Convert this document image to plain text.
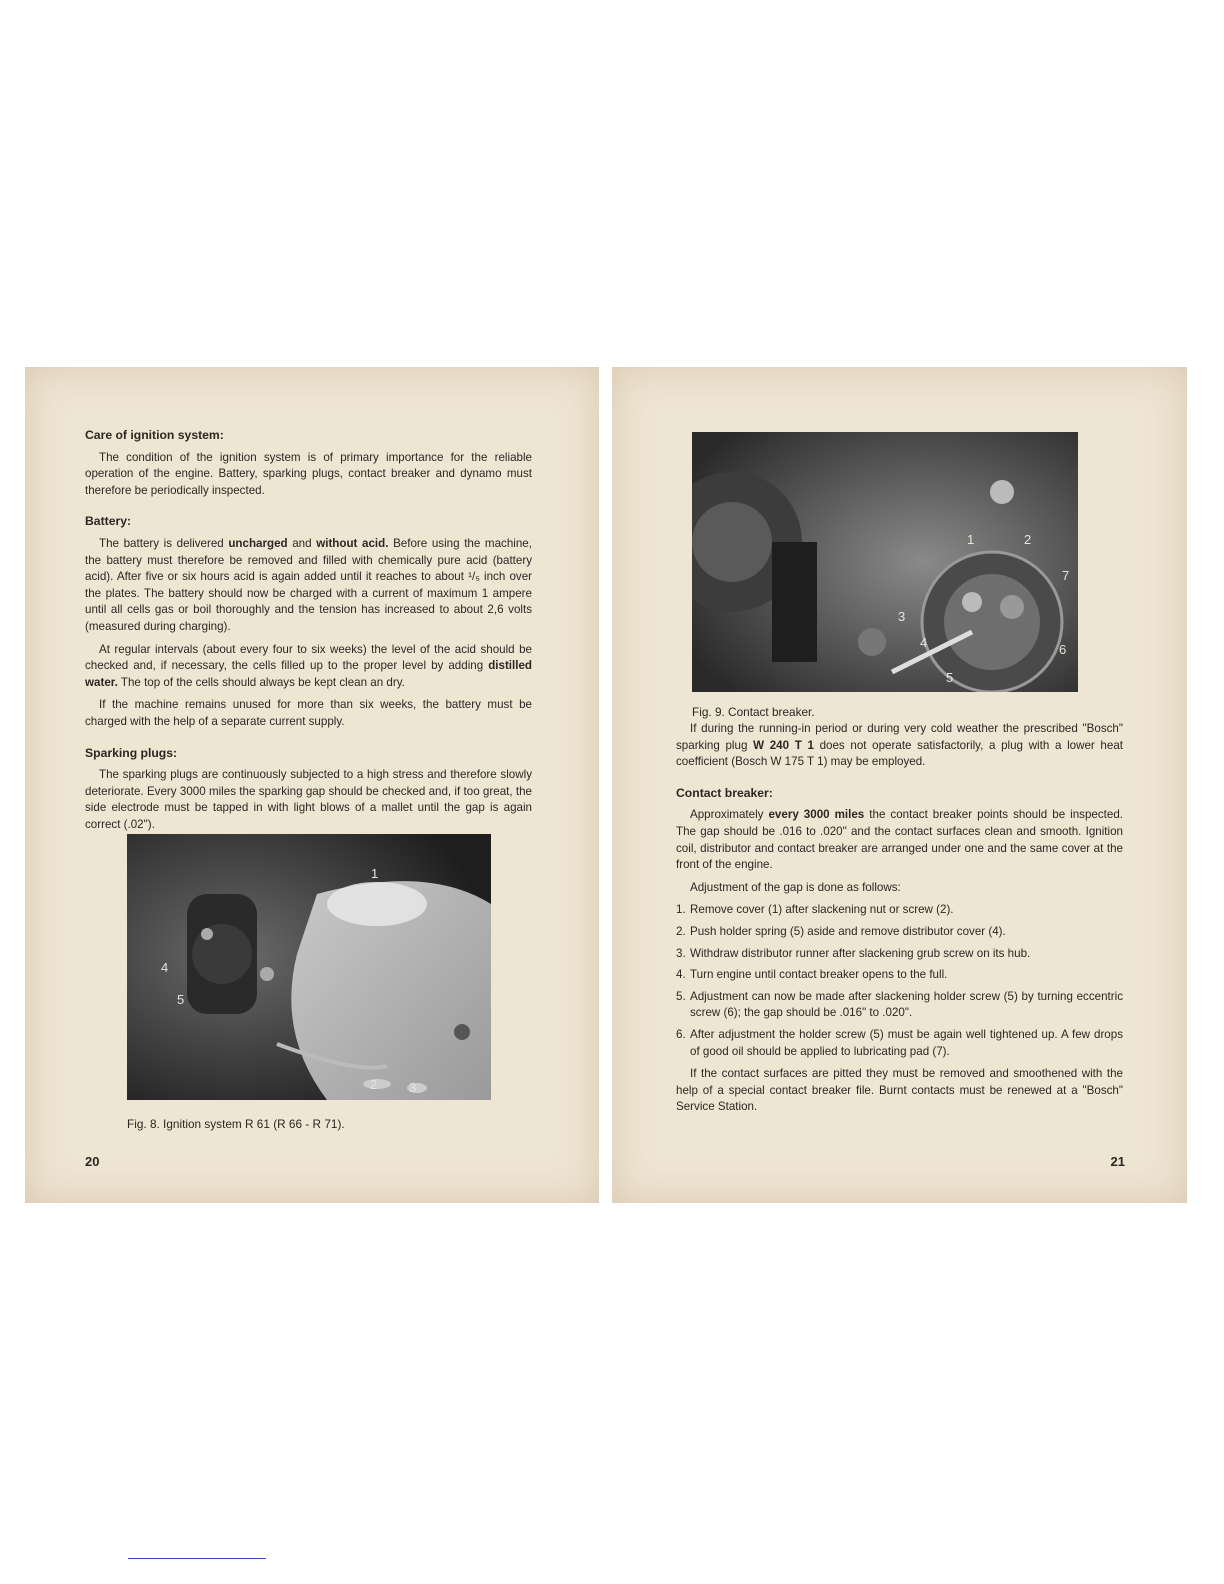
Care of ignition system:

The condition of the ignition system is of primary importance for the reliable operation of the engine. Battery, sparking plugs, contact breaker and dynamo must therefore be periodically inspected.

Battery:

The battery is delivered uncharged and without acid. Before using the machine, the battery must therefore be removed and filled with chemically pure acid (battery acid). After five or six hours acid is again added until it reaches to about ¹/₅ inch over the plates. The battery should now be charged with a current of maximum 1 ampere until all cells gas or boil thoroughly and the tension has increased to about 2,6 volts (measured during charging).

At regular intervals (about every four to six weeks) the level of the acid should be checked and, if necessary, the cells filled up to the proper level by adding distilled water. The top of the cells should always be kept clean an dry.

If the machine remains unused for more than six weeks, the battery must be charged with the help of a separate current supply.

Sparking plugs:

The sparking plugs are continuously subjected to a high stress and therefore slowly deteriorate. Every 3000 miles the sparking gap should be checked and, if too great, the side electrode must be tapped in with light blows of a mallet until the gap is again correct (.02").

1
2 3
4
5
Fig. 8. Ignition system R 61 (R 66 - R 71).
20
1	2
3
4
5
6
7
Fig. 9. Contact breaker.

If during the running-in period or during very cold weather the prescribed "Bosch" sparking plug W 240 T 1 does not operate satisfactorily, a plug with a lower heat coefficient (Bosch W 175 T 1) may be employed.

Contact breaker:

Approximately every 3000 miles the contact breaker points should be inspected. The gap should be .016 to .020" and the contact surfaces clean and smooth. Ignition coil, distributor and contact breaker are arranged under one and the same cover at the front of the engine.

Adjustment of the gap is done as follows:

1. Remove cover (1) after slackening nut or screw (2).
2. Push holder spring (5) aside and remove distributor cover (4).
3. Withdraw distributor runner after slackening grub screw on its hub.
4. Turn engine until contact breaker opens to the full.
5. Adjustment can now be made after slackening holder screw (5) by turning eccentric screw (6); the gap should be .016" to .020".
6. After adjustment the holder screw (5) must be again well tightened up. A few drops of good oil should be applied to lubricating pad (7).

If the contact surfaces are pitted they must be removed and smoothened with the help of a special contact breaker file. Burnt contacts must be renewed at a "Bosch" Service Station.

21
